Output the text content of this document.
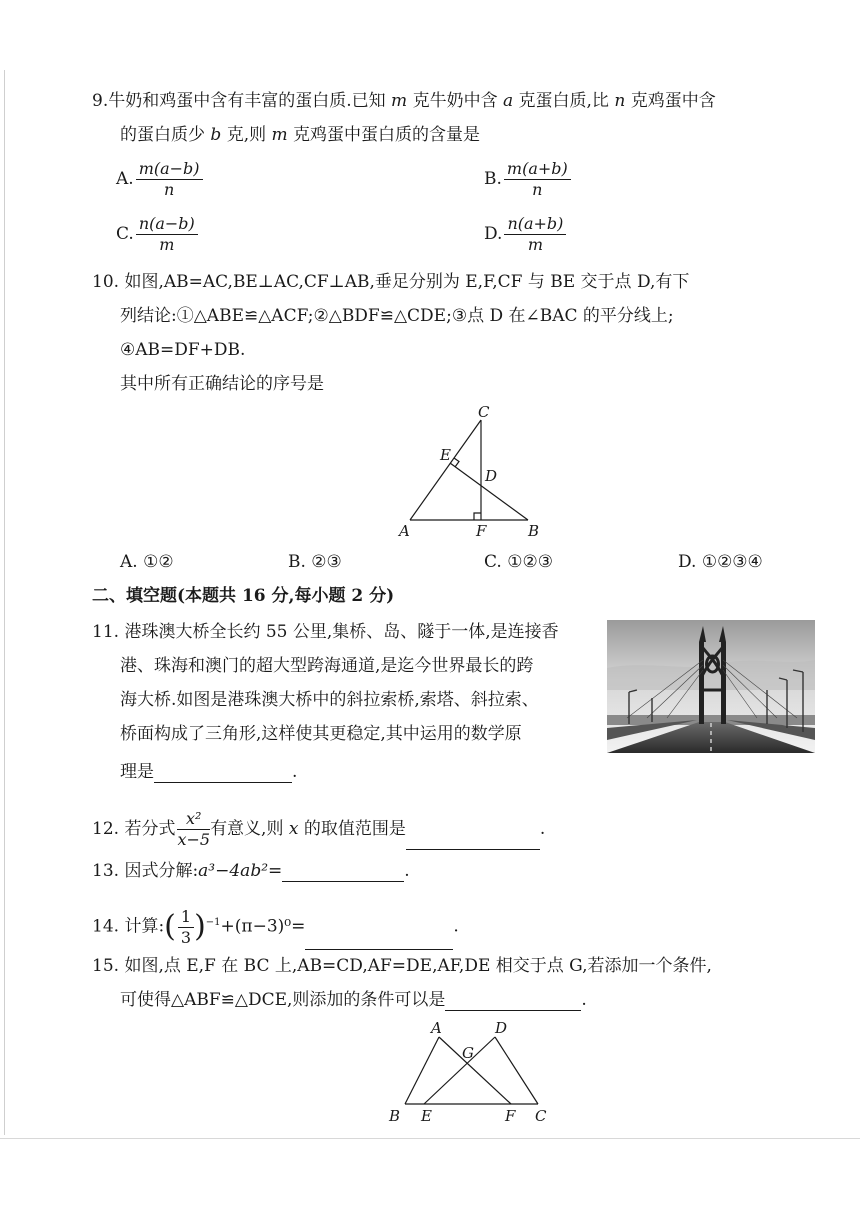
9.牛奶和鸡蛋中含有丰富的蛋白质.已知 m 克牛奶中含 a 克蛋白质,比 n 克鸡蛋中含
的蛋白质少 b 克,则 m 克鸡蛋中蛋白质的含量是
A. $\frac{m(a-b)}{n}$	B. $\frac{m(a+b)}{n}$
C. $\frac{n(a-b)}{m}$	D. $\frac{n(a+b)}{m}$
10. 如图,AB=AC,BE⊥AC,CF⊥AB,垂足分别为 E,F,CF 与 BE 交于点 D,有下
列结论:①△ABE≌△ACF;②△BDF≌△CDE;③点 D 在∠BAC 的平分线上;
④AB=DF+DB.
其中所有正确结论的序号是
C
E
D
A	F	B
A. ①②	B. ②③	C. ①②③	D. ①②③④
二、填空题(本题共 16 分,每小题 2 分)
11. 港珠澳大桥全长约 55 公里,集桥、岛、隧于一体,是连接香
港、珠海和澳门的超大型跨海通道,是迄今世界最长的跨
海大桥.如图是港珠澳大桥中的斜拉索桥,索塔、斜拉索、
桥面构成了三角形,这样使其更稳定,其中运用的数学原
理是	.
12. 若分式 $\frac{\text{x²}}{x-5}$ 有意义,则 x 的取值范围是	.
13. 因式分解:a³−4ab²=	.
14. 计算:( $\frac{1}{3} )^{-1}+(\pi-3)^0=$	.
15. 如图,点 E,F 在 BC 上,AB=CD,AF=DE,AF,DE 相交于点 G,若添加一个条件,
可使得△ABF≌△DCE,则添加的条件可以是	.
A	D
G
B E	F C
